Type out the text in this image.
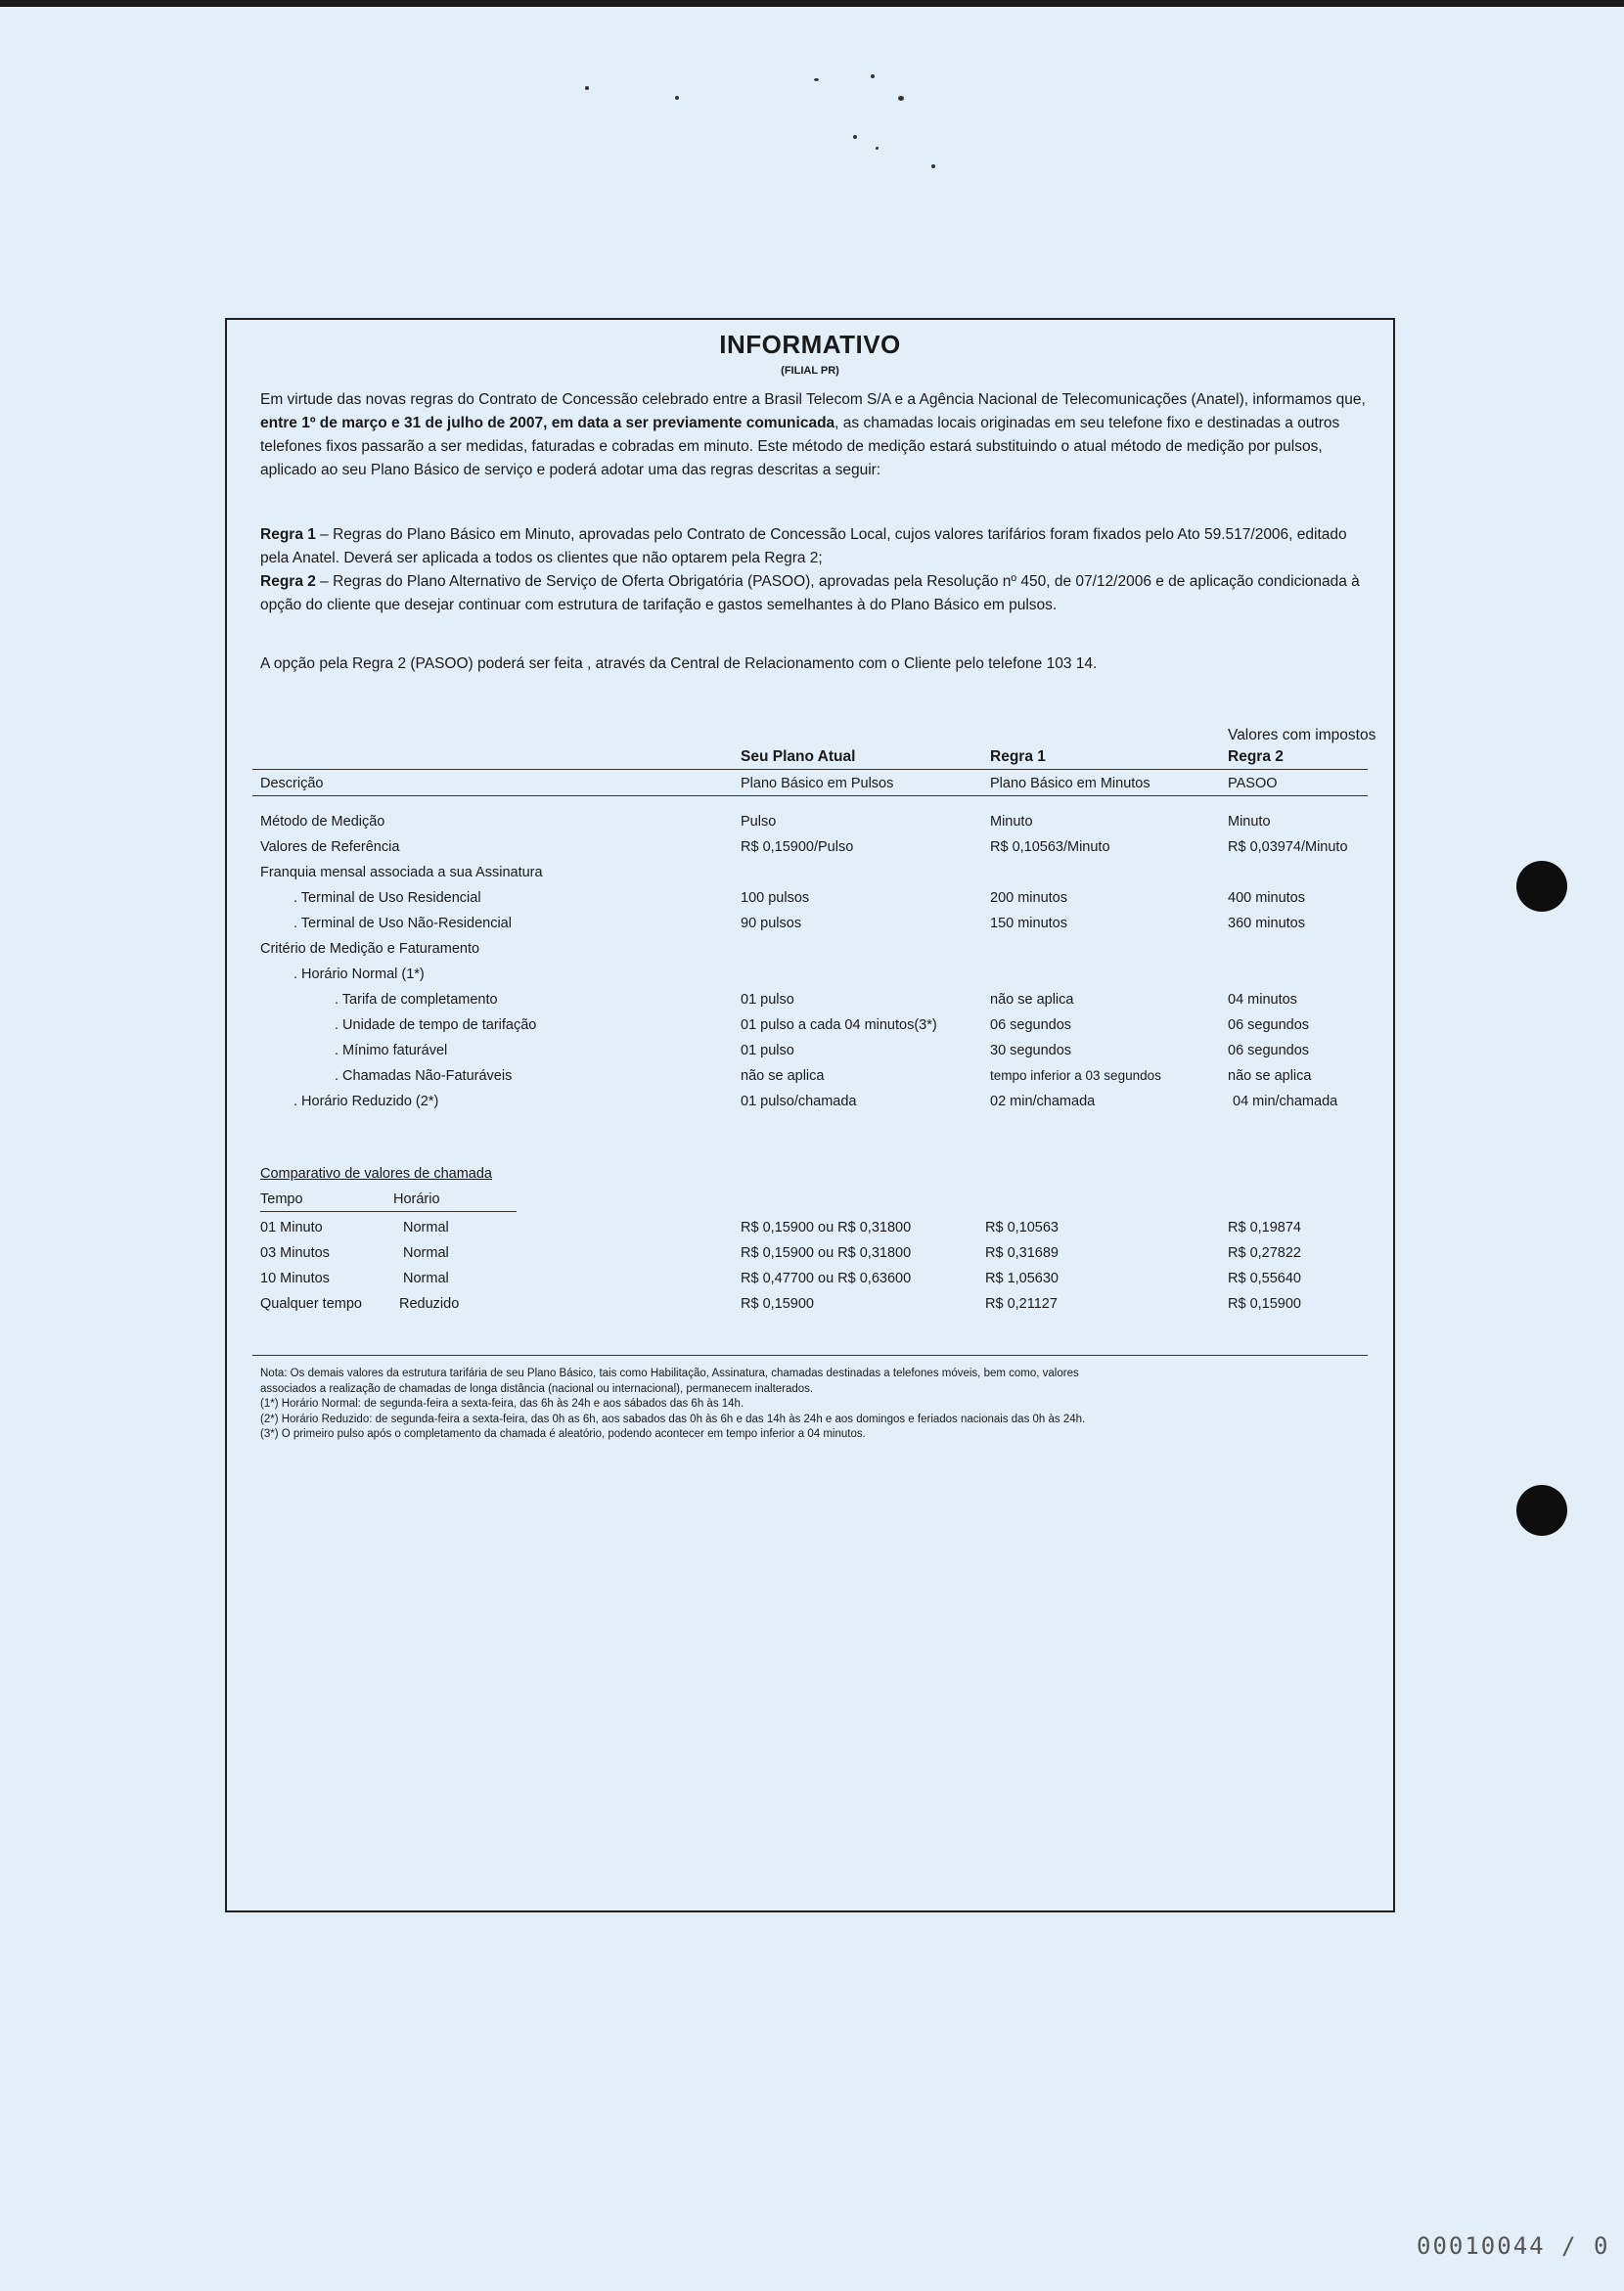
INFORMATIVO
(FILIAL PR)
Em virtude das novas regras do Contrato de Concessão celebrado entre a Brasil Telecom S/A e a Agência Nacional de Telecomunicações (Anatel), informamos que, entre 1º de março e 31 de julho de 2007, em data a ser previamente comunicada, as chamadas locais originadas em seu telefone fixo e destinadas a outros telefones fixos passarão a ser medidas, faturadas e cobradas em minuto. Este método de medição estará substituindo o atual método de medição por pulsos, aplicado ao seu Plano Básico de serviço e poderá adotar uma das regras descritas a seguir:
Regra 1 – Regras do Plano Básico em Minuto, aprovadas pelo Contrato de Concessão Local, cujos valores tarifários foram fixados pelo Ato 59.517/2006, editado pela Anatel. Deverá ser aplicada a todos os clientes que não optarem pela Regra 2;
Regra 2 – Regras do Plano Alternativo de Serviço de Oferta Obrigatória (PASOO), aprovadas pela Resolução nº 450, de 07/12/2006 e de aplicação condicionada à opção do cliente que desejar continuar com estrutura de tarifação e gastos semelhantes à do Plano Básico em pulsos.
A opção pela Regra 2 (PASOO) poderá ser feita , através da Central de Relacionamento com o Cliente pelo telefone 103 14.
Valores com impostos
Seu Plano Atual	Regra 1	Regra 2
Descrição	Plano Básico em Pulsos	Plano Básico em Minutos	PASOO
Método de Medição	Pulso	Minuto	Minuto
Valores de Referência	R$ 0,15900/Pulso	R$ 0,10563/Minuto	R$ 0,03974/Minuto
Franquia mensal associada a sua Assinatura
. Terminal de Uso Residencial	100 pulsos	200 minutos	400 minutos
. Terminal de Uso Não-Residencial	90 pulsos	150 minutos	360 minutos
Critério de Medição e Faturamento
. Horário Normal (1*)
. Tarifa de completamento	01 pulso	não se aplica	04 minutos
. Unidade de tempo de tarifação	01 pulso a cada 04 minutos(3*)	06 segundos	06 segundos
. Mínimo faturável	01 pulso	30 segundos	06 segundos
. Chamadas Não-Faturáveis	não se aplica	tempo inferior a 03 segundos	não se aplica
. Horário Reduzido (2*)	01 pulso/chamada	02 min/chamada	04 min/chamada
Comparativo de valores de chamada
Tempo	Horário
01 Minuto	Normal	R$ 0,15900 ou R$ 0,31800	R$ 0,10563	R$ 0,19874
03 Minutos	Normal	R$ 0,15900 ou R$ 0,31800	R$ 0,31689	R$ 0,27822
10 Minutos	Normal	R$ 0,47700 ou R$ 0,63600	R$ 1,05630	R$ 0,55640
Qualquer tempo	Reduzido	R$ 0,15900	R$ 0,21127	R$ 0,15900
Nota: Os demais valores da estrutura tarifária de seu Plano Básico, tais como Habilitação, Assinatura, chamadas destinadas a telefones móveis, bem como, valores
associados a realização de chamadas de longa distância (nacional ou internacional), permanecem inalterados.
(1*) Horário Normal: de segunda-feira a sexta-feira, das 6h às 24h e aos sábados das 6h às 14h.
(2*) Horário Reduzido: de segunda-feira a sexta-feira, das 0h as 6h, aos sabados das 0h às 6h e das 14h às 24h e aos domingos e feriados nacionais das 0h às 24h.
(3*) O primeiro pulso após o completamento da chamada é aleatório, podendo acontecer em tempo inferior a 04 minutos.
00010044 / 0
